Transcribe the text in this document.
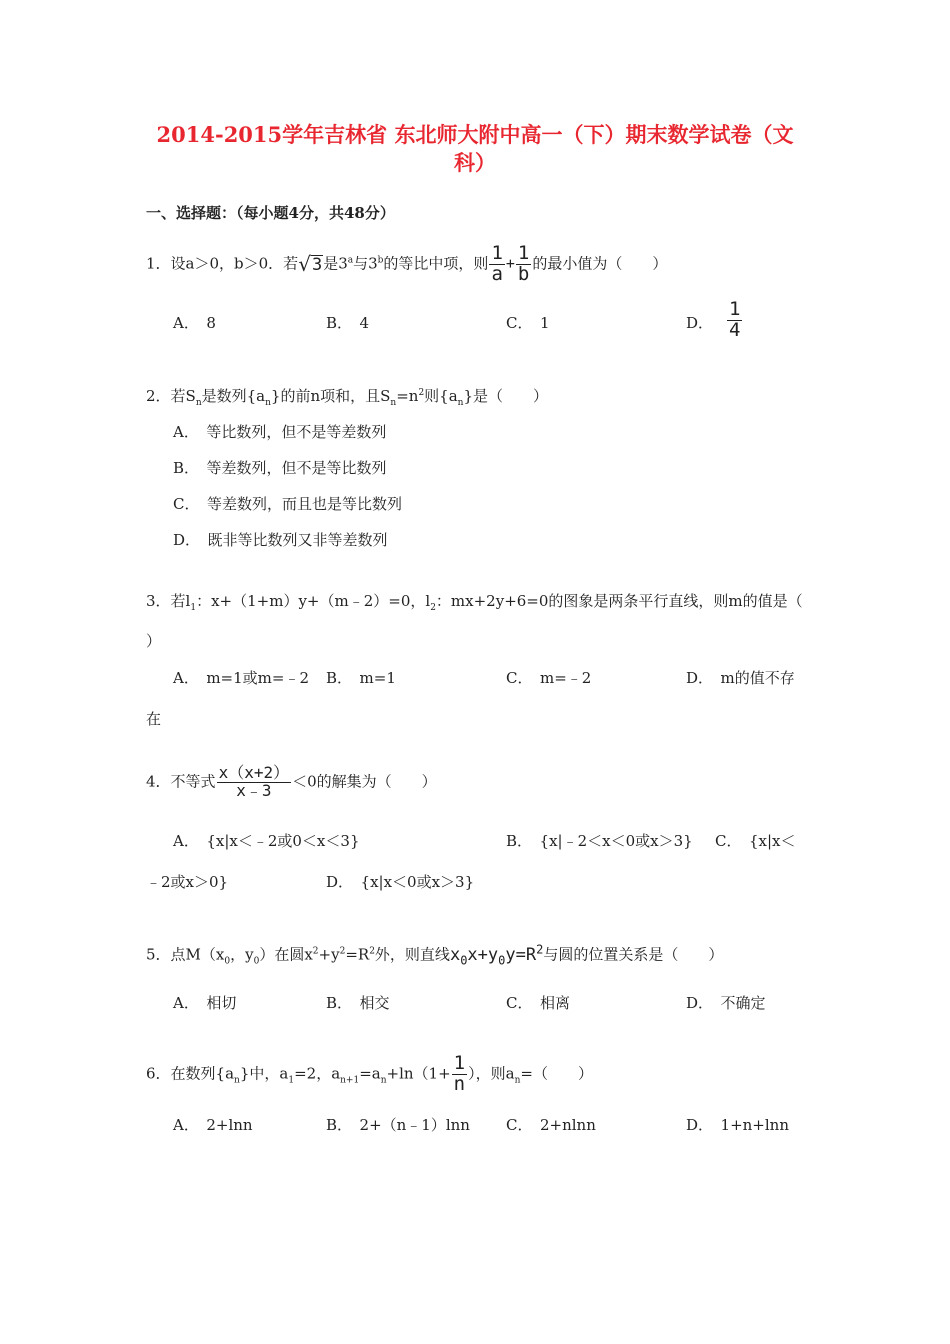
2014-2015学年吉林省 东北师大附中高一（下）期末数学试卷（文
科）
一、选择题：（每小题4分，共48分）
1．设a＞0，b＞0．若 √ 3 是3$^a$与3$^b$的等比中项，则 $\frac{1}{a} + \frac{1}{b}$ 的最小值为（　　）
A．　8	B．　4	C．　1	D． $\frac{1}{4}$
2．若$S_n$是数列$\{a_n\}$的前n项和，且$S_n=n^2$则$\{a_n\}$是（　　）
A．　等比数列，但不是等差数列
B．　等差数列，但不是等比数列
C．　等差数列，而且也是等比数列
D．　既非等比数列又非等差数列
3．若$l_1$：x+（1+m）y+（m﹣2）=0，$l_2$：mx+2y+6=0的图象是两条平行直线，则m的值是（
）
A．　m=1或m=﹣2 B．　m=1	C．　m=﹣2	D．　m的值不存
在
4．不等式 $\frac{x(x+2)}{x﹣3} <0$的解集为（　　）
A．　{x|x＜﹣2或0＜x＜3}	B．　{x|﹣2＜x＜0或x＞3} C．　{x|x＜
﹣2或x＞0}	D．　{x|x＜0或x＞3}
5．点$M(x_0$，$y_0$）在圆$x^2+y^2=R^2$外，则直线$x_0x+y_0y=R^2$与圆的位置关系是（　　）
A．　相切	B．　相交	C．　相离	D．　不确定
6．在数列$\{a_n\}$中，$a_1=2$，$a_{n+1}=a_n+\ln(1+ \frac{1}{n}$ ），则$a_n=$（　　）
A．　2+lnn	B．　2+（n﹣1）lnn C．　2+nlnn	D．　1+n+lnn
